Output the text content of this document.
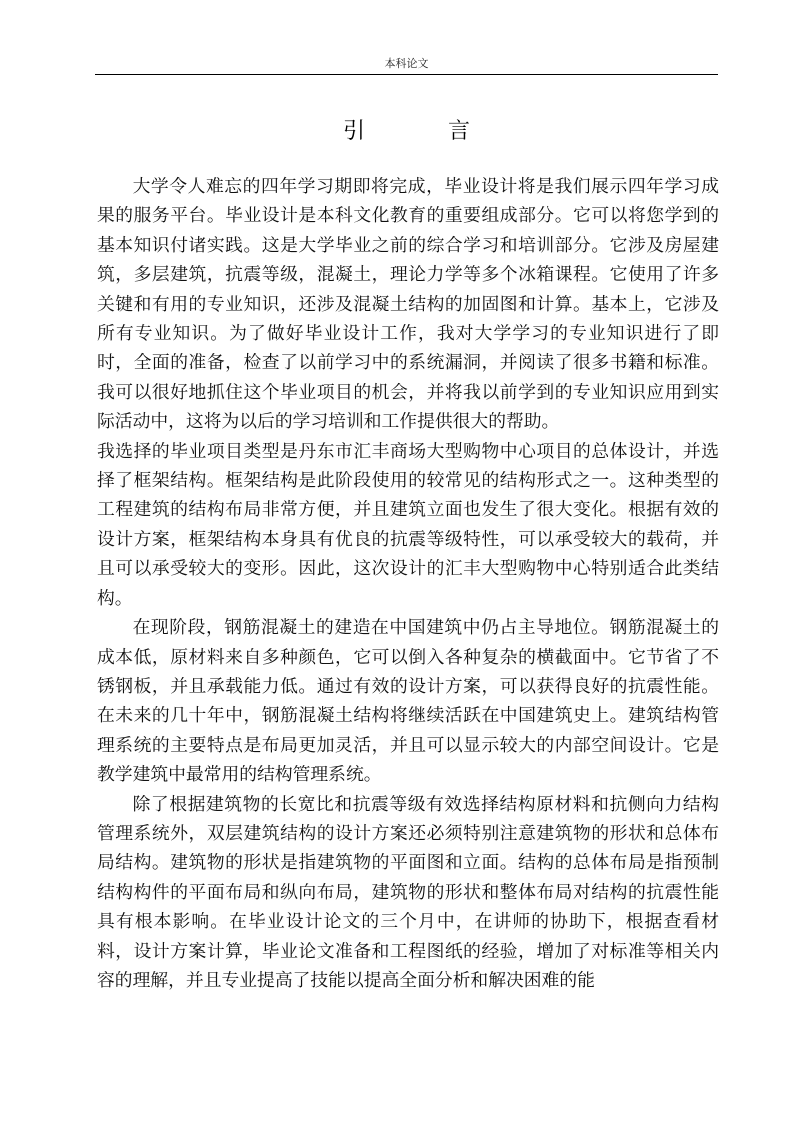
本科论文
引 言

大学令人难忘的四年学习期即将完成，毕业设计将是我们展示四年学习成果的服务平台。毕业设计是本科文化教育的重要组成部分。它可以将您学到的基本知识付诸实践。这是大学毕业之前的综合学习和培训部分。它涉及房屋建筑，多层建筑，抗震等级，混凝土，理论力学等多个冰箱课程。它使用了许多关键和有用的专业知识，还涉及混凝土结构的加固图和计算。基本上，它涉及所有专业知识。为了做好毕业设计工作，我对大学学习的专业知识进行了即时，全面的准备，检查了以前学习中的系统漏洞，并阅读了很多书籍和标准。我可以很好地抓住这个毕业项目的机会，并将我以前学到的专业知识应用到实际活动中，这将为以后的学习培训和工作提供很大的帮助。

我选择的毕业项目类型是丹东市汇丰商场大型购物中心项目的总体设计，并选择了框架结构。框架结构是此阶段使用的较常见的结构形式之一。这种类型的工程建筑的结构布局非常方便，并且建筑立面也发生了很大变化。根据有效的设计方案，框架结构本身具有优良的抗震等级特性，可以承受较大的载荷，并且可以承受较大的变形。因此，这次设计的汇丰大型购物中心特别适合此类结构。

在现阶段，钢筋混凝土的建造在中国建筑中仍占主导地位。钢筋混凝土的成本低，原材料来自多种颜色，它可以倒入各种复杂的横截面中。它节省了不锈钢板，并且承载能力低。通过有效的设计方案，可以获得良好的抗震性能。在未来的几十年中，钢筋混凝土结构将继续活跃在中国建筑史上。建筑结构管理系统的主要特点是布局更加灵活，并且可以显示较大的内部空间设计。它是教学建筑中最常用的结构管理系统。

除了根据建筑物的长宽比和抗震等级有效选择结构原材料和抗侧向力结构管理系统外，双层建筑结构的设计方案还必须特别注意建筑物的形状和总体布局结构。建筑物的形状是指建筑物的平面图和立面。结构的总体布局是指预制结构构件的平面布局和纵向布局，建筑物的形状和整体布局对结构的抗震性能具有根本影响。在毕业设计论文的三个月中，在讲师的协助下，根据查看材料，设计方案计算，毕业论文准备和工程图纸的经验，增加了对标准等相关内容的理解，并且专业提高了技能以提高全面分析和解决困难的能
